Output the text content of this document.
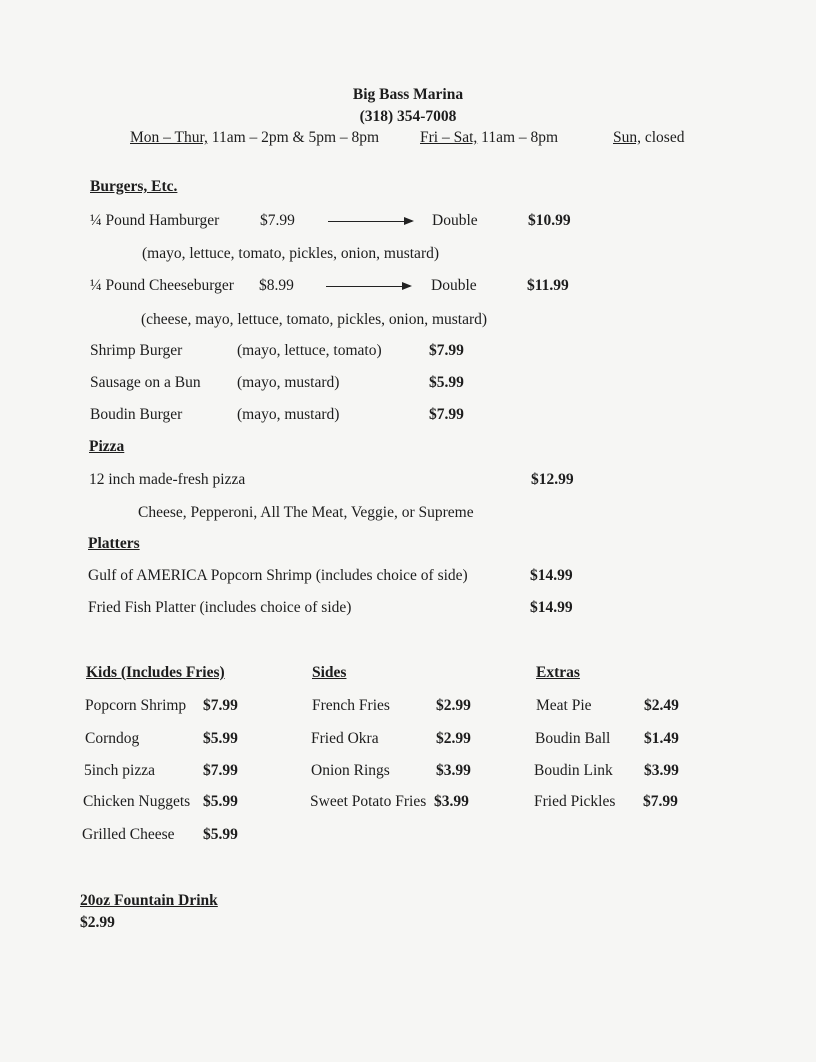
Big Bass Marina
(318) 354-7008
Mon – Thur, 11am – 2pm & 5pm – 8pm	Fri – Sat, 11am – 8pm	Sun, closed
Burgers, Etc.
¼ Pound Hamburger	$7.99	Double	$10.99
(mayo, lettuce, tomato, pickles, onion, mustard)
¼ Pound Cheeseburger $8.99	Double	$11.99
(cheese, mayo, lettuce, tomato, pickles, onion, mustard)
Shrimp Burger	(mayo, lettuce, tomato)	$7.99
Sausage on a Bun (mayo, mustard)	$5.99
Boudin Burger	(mayo, mustard)	$7.99
Pizza
12 inch made-fresh pizza	$12.99
Cheese, Pepperoni, All The Meat, Veggie, or Supreme
Platters
Gulf of AMERICA Popcorn Shrimp (includes choice of side)	$14.99
Fried Fish Platter (includes choice of side)	$14.99
Kids (Includes Fries)
Popcorn Shrimp $7.99
Corndog	$5.99
5inch pizza	$7.99
Chicken Nuggets $5.99
Grilled Cheese $5.99
Sides
French Fries	$2.99
Fried Okra	$2.99
Onion Rings	$3.99
Sweet Potato Fries $3.99
Extras
Meat Pie	$2.49
Boudin Ball $1.49
Boudin Link $3.99
Fried Pickles $7.99
20oz Fountain Drink
$2.99
